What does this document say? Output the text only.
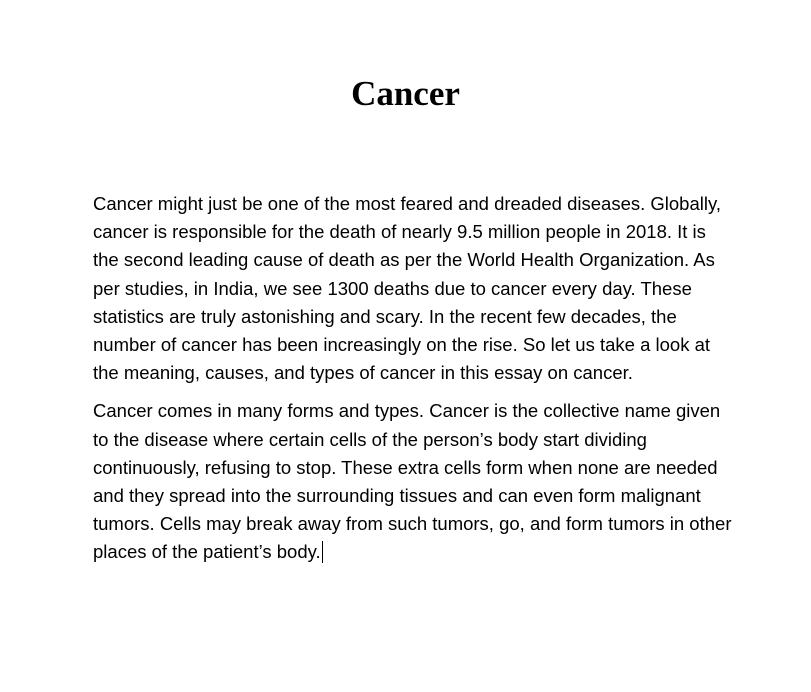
Cancer

Cancer might just be one of the most feared and dreaded diseases. Globally, cancer is responsible for the death of nearly 9.5 million people in 2018. It is the second leading cause of death as per the World Health Organization. As per studies, in India, we see 1300 deaths due to cancer every day. These statistics are truly astonishing and scary. In the recent few decades, the number of cancer has been increasingly on the rise. So let us take a look at the meaning, causes, and types of cancer in this essay on cancer.

Cancer comes in many forms and types. Cancer is the collective name given to the disease where certain cells of the person’s body start dividing continuously, refusing to stop. These extra cells form when none are needed and they spread into the surrounding tissues and can even form malignant tumors. Cells may break away from such tumors, go, and form tumors in other places of the patient’s body.
